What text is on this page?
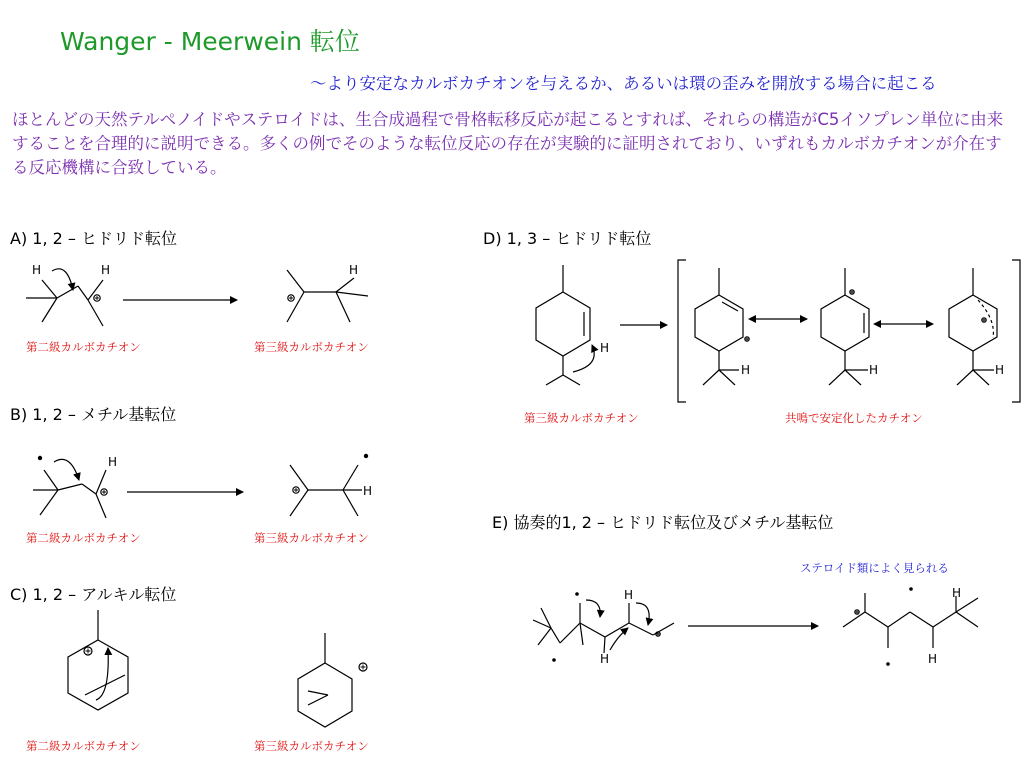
Wanger - Meerwein 転位
〜より安定なカルボカチオンを与えるか、あるいは環の歪みを開放する場合に起こる
ほとんどの天然テルペノイドやステロイドは、生合成過程で骨格転移反応が起こるとすれば、それらの構造がC5イソプレン単位に由来することを合理的に説明できる。多くの例でそのような転位反応の存在が実験的に証明されており、いずれもカルボカチオンが介在する反応機構に合致している。
A) 1, 2 – ヒドリド転位
B) 1, 2 – メチル基転位
C) 1, 2 – アルキル転位
D) 1, 3 – ヒドリド転位
E) 協奏的1, 2 – ヒドリド転位及びメチル基転位
第二級カルボカチオン	第三級カルボカチオン
第二級カルボカチオン	第三級カルボカチオン
第二級カルボカチオン	第三級カルボカチオン
第三級カルボカチオン	共鳴で安定化したカチオン
ステロイド類によく見られる
H	H	H
H
H
H
H	H	H
H
H
H
H
